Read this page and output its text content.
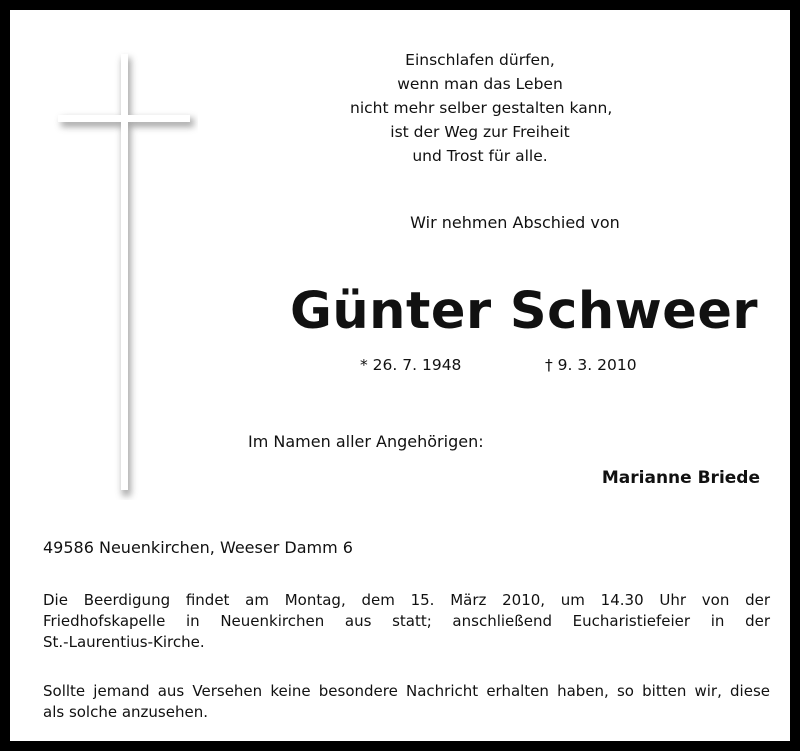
Einschlafen dürfen,
wenn man das Leben
nicht mehr selber gestalten kann,
ist der Weg zur Freiheit
und Trost für alle.
Wir nehmen Abschied von
Günter Schweer
* 26. 7. 1948	† 9. 3. 2010
Im Namen aller Angehörigen:
Marianne Briede
49586 Neuenkirchen, Weeser Damm 6
Die Beerdigung findet am Montag, dem 15. März 2010, um 14.30 Uhr von der
Friedhofskapelle in Neuenkirchen aus statt; anschließend Eucharistiefeier in der
St.-Laurentius-Kirche.
Sollte jemand aus Versehen keine besondere Nachricht erhalten haben, so bitten wir, diese
als solche anzusehen.
